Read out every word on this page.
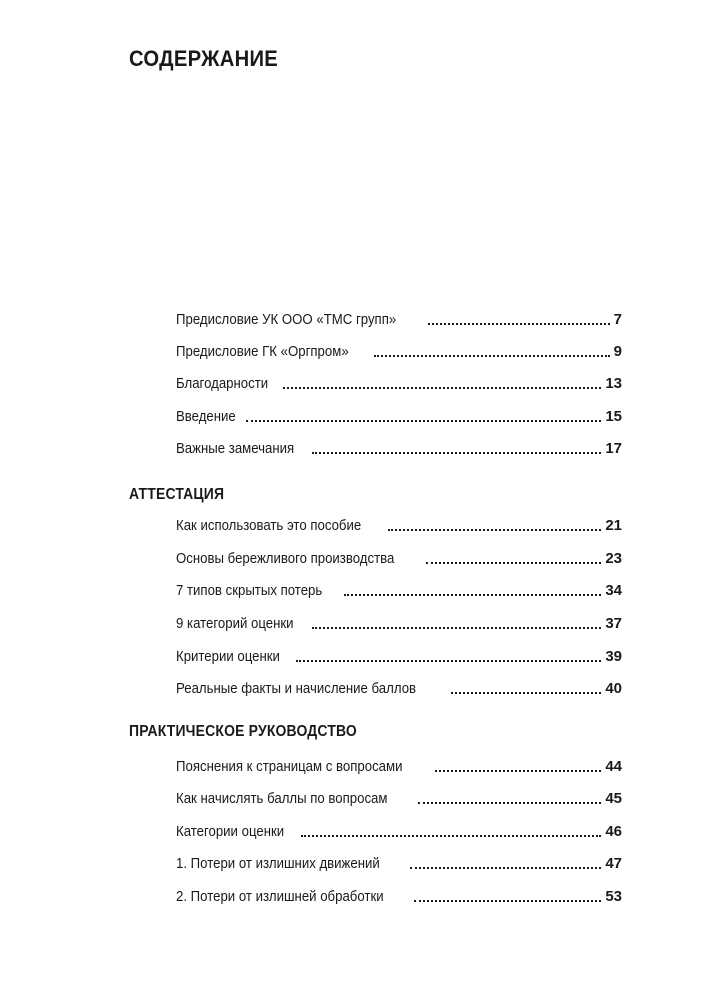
СОДЕРЖАНИЕ
Предисловие УК ООО «ТМС групп»	7
Предисловие ГК «Оргпром»	9
Благодарности	13
Введение	15
Важные замечания	17
АТТЕСТАЦИЯ
Как использовать это пособие	21
Основы бережливого производства	23
7 типов скрытых потерь	34
9 категорий оценки	37
Критерии оценки	39
Реальные факты и начисление баллов	40
ПРАКТИЧЕСКОЕ РУКОВОДСТВО
Пояснения к страницам с вопросами	44
Как начислять баллы по вопросам	45
Категории оценки	46
1. Потери от излишних движений	47
2. Потери от излишней обработки	53
